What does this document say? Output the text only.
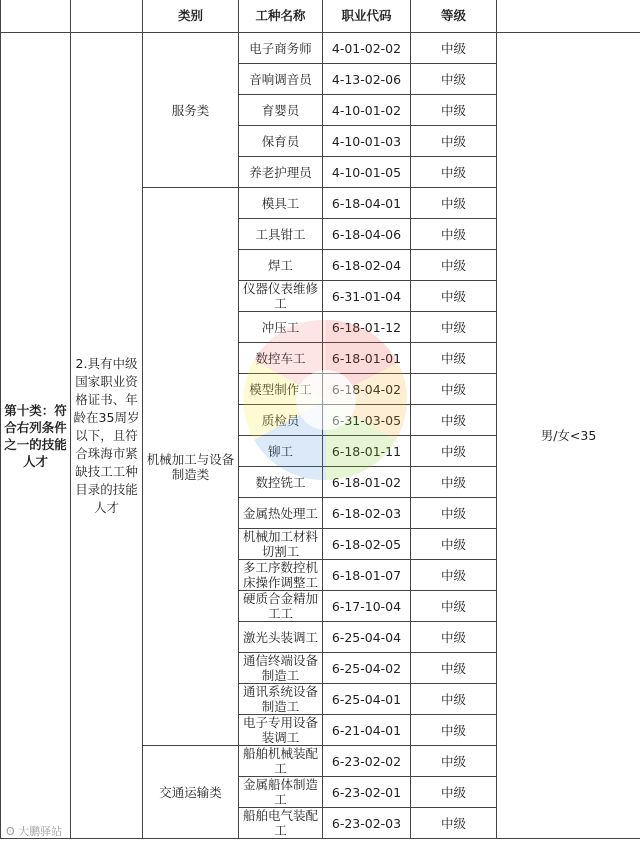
		类别	工种名称	职业代码	等级	
第十类：符合右列条件之一的技能人才	2.具有中级国家职业资格证书、年龄在35周岁以下，且符合珠海市紧缺技工工种目录的技能人才	服务类	电子商务师	4-01-02-02	中级	男/女<35
			音响调音员	4-13-02-06	中级	
			育婴员	4-10-01-02	中级	
			保育员	4-10-01-03	中级	
			养老护理员	4-10-01-05	中级	
		机械加工与设备制造类	模具工	6-18-04-01	中级	
			工具钳工	6-18-04-06	中级	
			焊工	6-18-02-04	中级	
			仪器仪表维修工	6-31-01-04	中级	
			冲压工	6-18-01-12	中级	
			数控车工	6-18-01-01	中级	
			模型制作工	6-18-04-02	中级	
			质检员	6-31-03-05	中级	
			铆工	6-18-01-11	中级	
			数控铣工	6-18-01-02	中级	
			金属热处理工	6-18-02-03	中级	
			机械加工材料切割工	6-18-02-05	中级	
			多工序数控机床操作调整工	6-18-01-07	中级	
			硬质合金精加工工	6-17-10-04	中级	
			激光头装调工	6-25-04-04	中级	
			通信终端设备制造工	6-25-04-02	中级	
			通讯系统设备制造工	6-25-04-01	中级	
			电子专用设备装调工	6-21-04-01	中级	
		交通运输类	船舶机械装配工	6-23-02-02	中级	
			金属船体制造工	6-23-02-01	中级	
			船舶电气装配工	6-23-02-03	中级	
ʘ 大鹏驿站
